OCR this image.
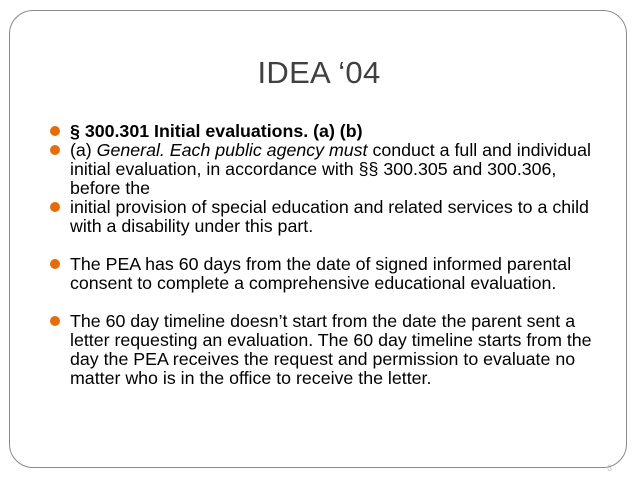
IDEA ‘04

§ 300.301 Initial evaluations. (a) (b)

(a) General. Each public agency must conduct a full and individual initial evaluation, in accordance with §§ 300.305 and 300.306, before the

initial provision of special education and related services to a child with a disability under this part.

The PEA has 60 days from the date of signed informed parental consent to complete a comprehensive educational evaluation.

The 60 day timeline doesn’t start from the date the parent sent a letter requesting an evaluation. The 60 day timeline starts from the day the PEA receives the request and permission to evaluate no matter who is in the office to receive the letter.

6
